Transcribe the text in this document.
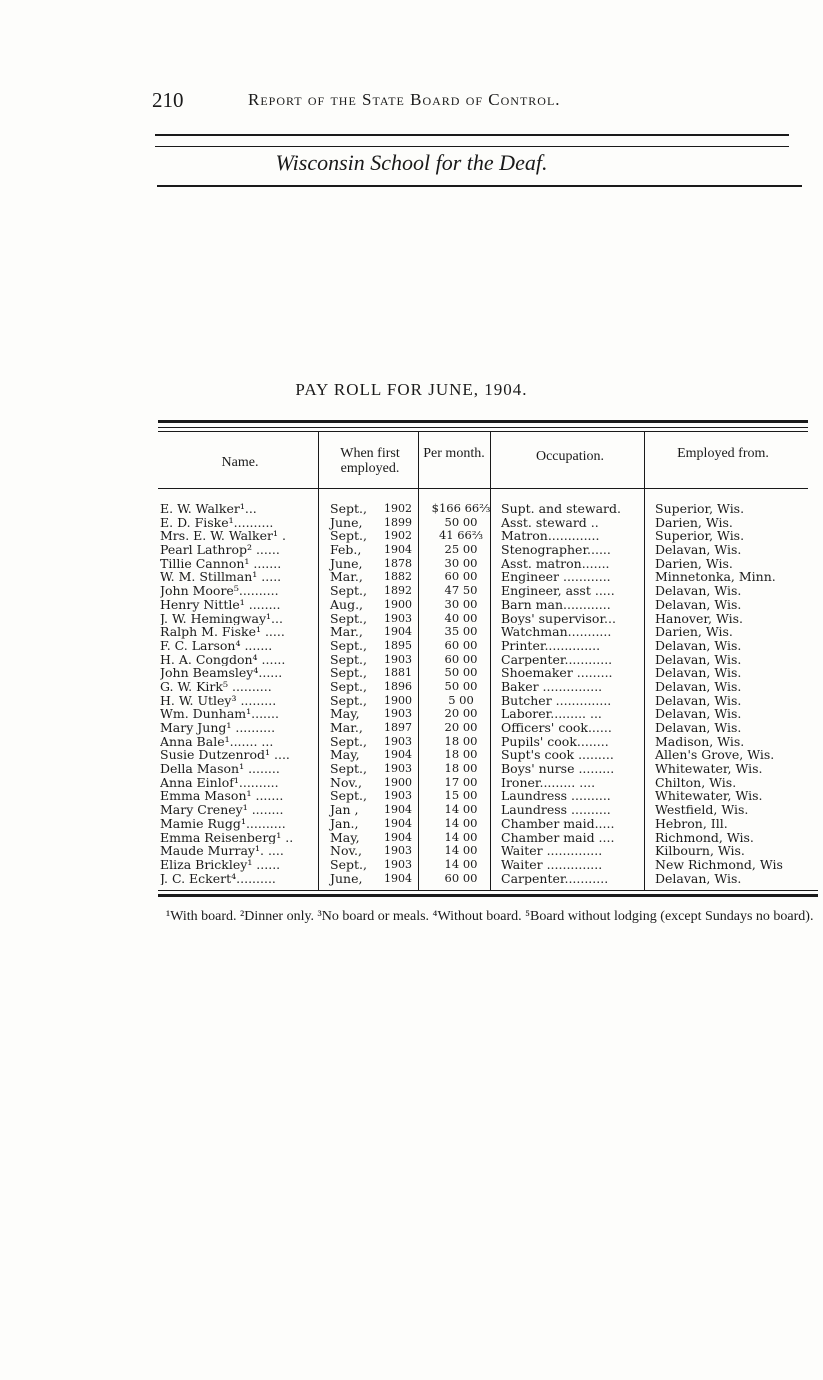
210	Report of the State Board of Control.
Wisconsin School for the Deaf.
PAY ROLL FOR JUNE, 1904.
Name.
When first employed.
Per month.	Occupation.	Employed from.
E. W. Walker¹...	Sept.,	1902	$166 66⅔ Supt. and steward.	Superior, Wis.
E. D. Fiske¹..........	June,	1899	50 00	Asst. steward ..	Darien, Wis.
Mrs. E. W. Walker¹ .	Sept.,	1902	41 66⅔	Matron.............	Superior, Wis.
Pearl Lathrop² ......	Feb.,	1904	25 00	Stenographer......	Delavan, Wis.
Tillie Cannon¹ .......	June,	1878	30 00	Asst. matron.......	Darien, Wis.
W. M. Stillman¹ .....	Mar.,	1882	60 00	Engineer ............	Minnetonka, Minn.
John Moore⁵..........	Sept.,	1892	47 50	Engineer, asst .....	Delavan, Wis.
Henry Nittle¹ ........	Aug.,	1900	30 00	Barn man............	Delavan, Wis.
J. W. Hemingway¹...	Sept.,	1903	40 00	Boys' supervisor...	Hanover, Wis.
Ralph M. Fiske¹ .....	Mar.,	1904	35 00	Watchman...........	Darien, Wis.
F. C. Larson⁴ .......	Sept.,	1895	60 00	Printer..............	Delavan, Wis.
H. A. Congdon⁴ ......	Sept.,	1903	60 00	Carpenter............	Delavan, Wis.
John Beamsley⁴......	Sept.,	1881	50 00	Shoemaker .........	Delavan, Wis.
G. W. Kirk⁵ ..........	Sept.,	1896	50 00	Baker ...............	Delavan, Wis.
H. W. Utley³ .........	Sept.,	1900	5 00	Butcher ..............	Delavan, Wis.
Wm. Dunham¹.......	May,	1903	20 00	Laborer......... ...	Delavan, Wis.
Mary Jung¹ ..........	Mar.,	1897	20 00	Officers' cook......	Delavan, Wis.
Anna Bale¹....... ...	Sept.,	1903	18 00	Pupils' cook........	Madison, Wis.
Susie Dutzenrod¹ ....	May,	1904	18 00	Supt's cook .........	Allen's Grove, Wis.
Della Mason¹ ........	Sept.,	1903	18 00	Boys' nurse .........	Whitewater, Wis.
Anna Einlof¹..........	Nov.,	1900	17 00	Ironer......... ....	Chilton, Wis.
Emma Mason¹ .......	Sept.,	1903	15 00	Laundress ..........	Whitewater, Wis.
Mary Creney¹ ........	Jan ,	1904	14 00	Laundress ..........	Westfield, Wis.
Mamie Rugg¹..........	Jan.,	1904	14 00	Chamber maid.....	Hebron, Ill.
Emma Reisenberg¹ ..	May,	1904	14 00	Chamber maid ....	Richmond, Wis.
Maude Murray¹. ....	Nov.,	1903	14 00	Waiter ..............	Kilbourn, Wis.
Eliza Brickley¹ ......	Sept.,	1903	14 00	Waiter ..............	New Richmond, Wis
J. C. Eckert⁴..........	June,	1904	60 00	Carpenter...........	Delavan, Wis.
¹With board. ²Dinner only. ³No board or meals. ⁴Without board. ⁵Board without lodging (except Sundays no board).
